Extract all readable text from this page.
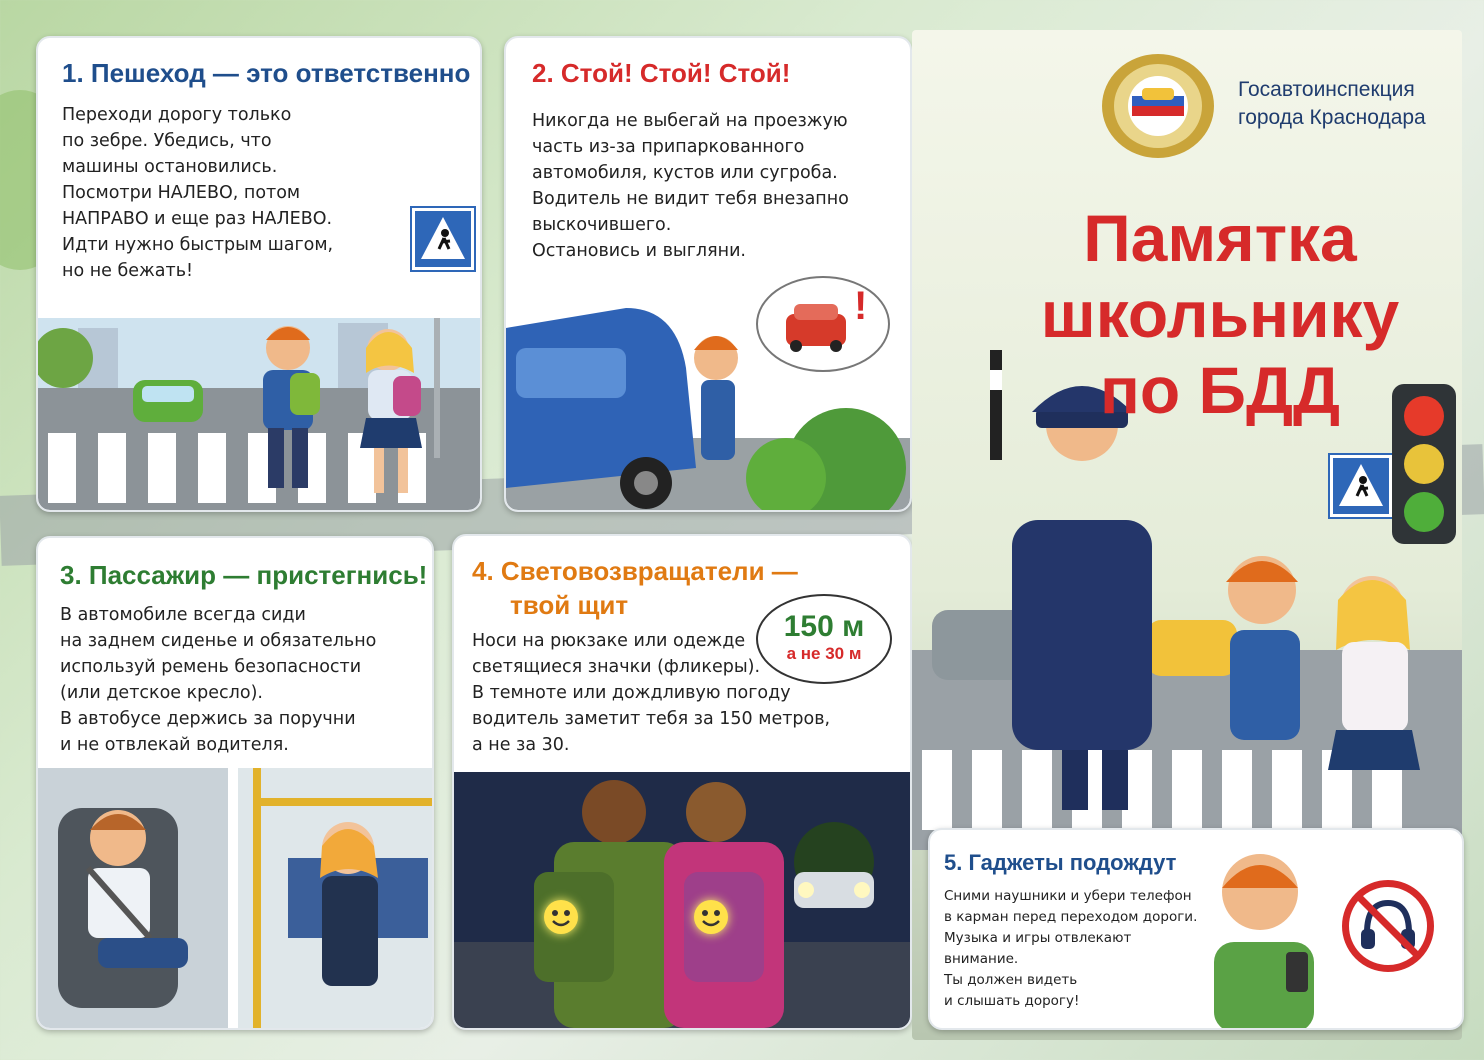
1. Пешеход — это ответственно

Переходи дорогу только
по зебре. Убедись, что
машины остановились.
Посмотри НАЛЕВО, потом
НАПРАВО и еще раз НАЛЕВО.
Идти нужно быстрым шагом,
но не бежать!

2. Стой! Стой! Стой!

Никогда не выбегай на проезжую
часть из-за припаркованного
автомобиля, кустов или сугроба.
Водитель не видит тебя внезапно
выскочившего.
Остановись и выгляни.

!
3. Пассажир — пристегнись!

В автомобиле всегда сиди
на заднем сиденье и обязательно
используй ремень безопасности
(или детское кресло).
В автобусе держись за поручни
и не отвлекай водителя.

4. Световозвращатели —
твой щит

Носи на рюкзаке или одежде
светящиеся значки (фликеры).
В темноте или дождливую погоду
водитель заметит тебя за 150 метров,
а не за 30.

150 м
а не 30 м
Госавтоинспекция
города Краснодара
Памятка
школьнику
по БДД
5. Гаджеты подождут

Сними наушники и убери телефон
в карман перед переходом дороги.
Музыка и игры отвлекают
внимание.
Ты должен видеть
и слышать дорогу!
